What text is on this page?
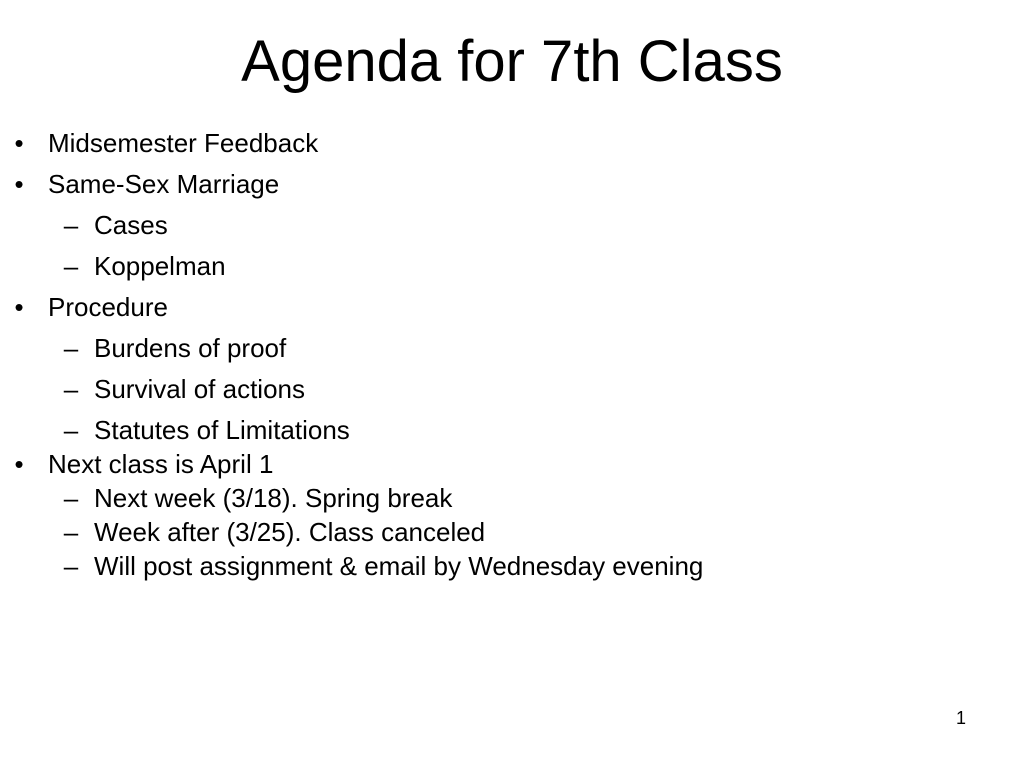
Agenda for 7th Class
• Midsemester Feedback
• Same-Sex Marriage
– Cases
– Koppelman
• Procedure
– Burdens of proof
– Survival of actions
– Statutes of Limitations
• Next class is April 1
– Next week (3/18). Spring break
– Week after (3/25). Class canceled
– Will post assignment & email by Wednesday evening
1
